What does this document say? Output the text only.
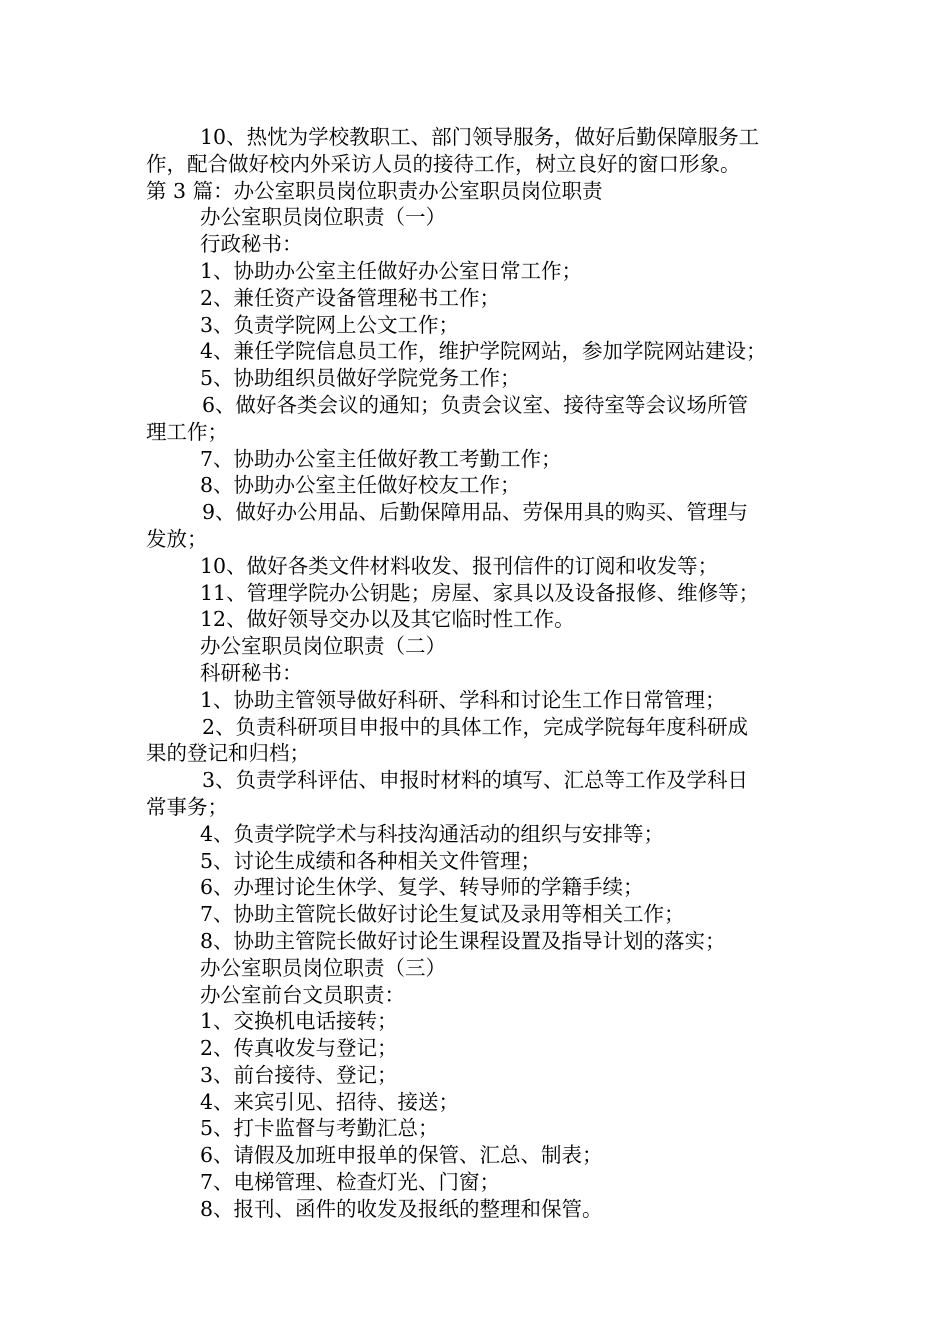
10、热忱为学校教职工、部门领导服务，做好后勤保障服务工
作，配合做好校内外采访人员的接待工作，树立良好的窗口形象。
第 3 篇：办公室职员岗位职责办公室职员岗位职责
办公室职员岗位职责（一）
行政秘书：
1、协助办公室主任做好办公室日常工作；
2、兼任资产设备管理秘书工作；
3、负责学院网上公文工作；
4、兼任学院信息员工作，维护学院网站，参加学院网站建设；
5、协助组织员做好学院党务工作；
6、做好各类会议的通知；负责会议室、接待室等会议场所管
理工作；
7、协助办公室主任做好教工考勤工作；
8、协助办公室主任做好校友工作；
9、做好办公用品、后勤保障用品、劳保用具的购买、管理与
发放；
10、做好各类文件材料收发、报刊信件的订阅和收发等；
11、管理学院办公钥匙；房屋、家具以及设备报修、维修等；
12、做好领导交办以及其它临时性工作。
办公室职员岗位职责（二）
科研秘书：
1、协助主管领导做好科研、学科和讨论生工作日常管理；
2、负责科研项目申报中的具体工作，完成学院每年度科研成
果的登记和归档；
3、负责学科评估、申报时材料的填写、汇总等工作及学科日
常事务；
4、负责学院学术与科技沟通活动的组织与安排等；
5、讨论生成绩和各种相关文件管理；
6、办理讨论生休学、复学、转导师的学籍手续；
7、协助主管院长做好讨论生复试及录用等相关工作；
8、协助主管院长做好讨论生课程设置及指导计划的落实；
办公室职员岗位职责（三）
办公室前台文员职责：
1、交换机电话接转；
2、传真收发与登记；
3、前台接待、登记；
4、来宾引见、招待、接送；
5、打卡监督与考勤汇总；
6、请假及加班申报单的保管、汇总、制表；
7、电梯管理、检查灯光、门窗；
8、报刊、函件的收发及报纸的整理和保管。
